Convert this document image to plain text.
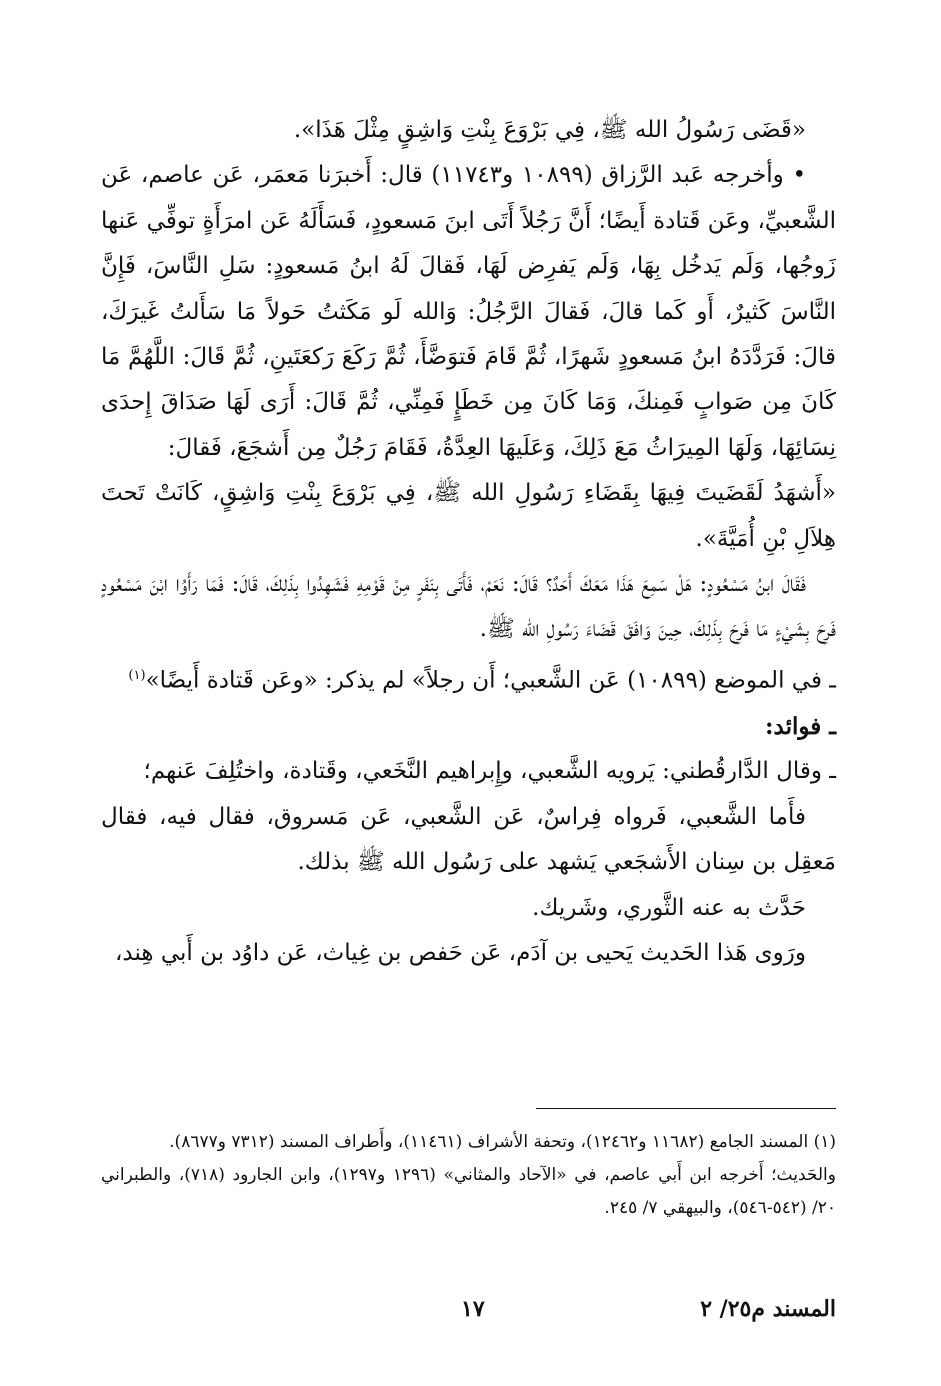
«قَضَى رَسُولُ الله ﷺ، فِي بَرْوَعَ بِنْتِ وَاشِقٍ مِثْلَ هَذَا».

• وأخرجه عَبد الرَّزاق (١٠٨٩٩ و١١٧٤٣) قال: أَخبرَنا مَعمَر، عَن عاصم، عَن الشَّعبيِّ، وعَن قَتادة أَيضًا؛ أَنَّ رَجُلاً أَتَى ابنَ مَسعودٍ، فَسَأَلَهُ عَن امرَأَةٍ توفِّي عَنها زَوجُها، وَلَم يَدخُل بِهَا، وَلَم يَفرِض لَهَا، فَقالَ لَهُ ابنُ مَسعودٍ: سَلِ النَّاسَ، فَإِنَّ النَّاسَ كَثيرٌ، أَو كَما قالَ، فَقالَ الرَّجُلُ: وَالله لَو مَكَثتُ حَولاً مَا سَأَلتُ غَيرَكَ، قالَ: فَرَدَّدَهُ ابنُ مَسعودٍ شَهرًا، ثُمَّ قَامَ فَتوَضَّأَ، ثُمَّ رَكَعَ رَكعَتَينِ، ثُمَّ قَالَ: اللَّهُمَّ مَا كَانَ مِن صَوابٍ فَمِنكَ، وَمَا كَانَ مِن خَطَإٍ فَمِنِّي، ثُمَّ قَالَ: أَرَى لَهَا صَدَاقَ إِحدَى نِسَائِهَا، وَلَهَا المِيرَاثُ مَعَ ذَلِكَ، وَعَلَيهَا العِدَّةُ، فَقَامَ رَجُلٌ مِن أَشجَعَ، فَقالَ:

«أَشهَدُ لَقَضَيتَ فِيهَا بِقَضَاءِ رَسُولِ الله ﷺ، فِي بَرْوَعَ بِنْتِ وَاشِقٍ، كَانَتْ تَحتَ هِلاَلِ بْنِ أُمَيَّةَ».

فَقَالَ ابنُ مَسْعُودٍ: هَلْ سَمِعَ هَذَا مَعَكَ أَحَدٌ؟ قَالَ: نَعَمْ، فَأَتَى بِنَفَرٍ مِنْ قَوْمِهِ فَشَهِدُوا بِذَلِكَ، قَالَ: فَمَا رَأَوُا ابْنَ مَسْعُودٍ فَرِحَ بِشَيْءٍ مَا فَرِحَ بِذَلِكَ، حِينَ وَافَقَ قَضَاءَ رَسُولِ الله ﷺ.

ـ في الموضع (١٠٨٩٩) عَن الشَّعبي؛ أَن رجلاً» لم يذكر: «وعَن قَتادة أَيضًا»$^{(١)}$

ـ فوائد:

ـ وقال الدَّارقُطني: يَرويه الشَّعبي، وإِبراهيم النَّخَعي، وقَتادة، واختُلِفَ عَنهم؛

فأَما الشَّعبي، فَرواه فِراسٌ، عَن الشَّعبي، عَن مَسروق، فقال فيه، فقال مَعقِل بن سِنان الأَشجَعي يَشهد على رَسُول الله ﷺ بذلك.

حَدَّث به عنه الثَّوري، وشَريك.

ورَوى هَذا الحَديث يَحيى بن آدَم، عَن حَفص بن غِياث، عَن داوُد بن أَبي هِند،

(١) المسند الجامع (١١٦٨٢ و١٢٤٦٢)، وتحفة الأشراف (١١٤٦١)، وأَطراف المسند (٧٣١٢ و٨٦٧٧).

والحَديث؛ أَخرجه ابن أَبي عاصم، في «الآحاد والمثاني» (١٢٩٦ و١٢٩٧)، وابن الجارود (٧١٨)، والطبراني ٢٠/ (٥٤٢-٥٤٦)، والبيهقي ٧/ ٢٤٥.

المسند م٢٥/ ٢
١٧
